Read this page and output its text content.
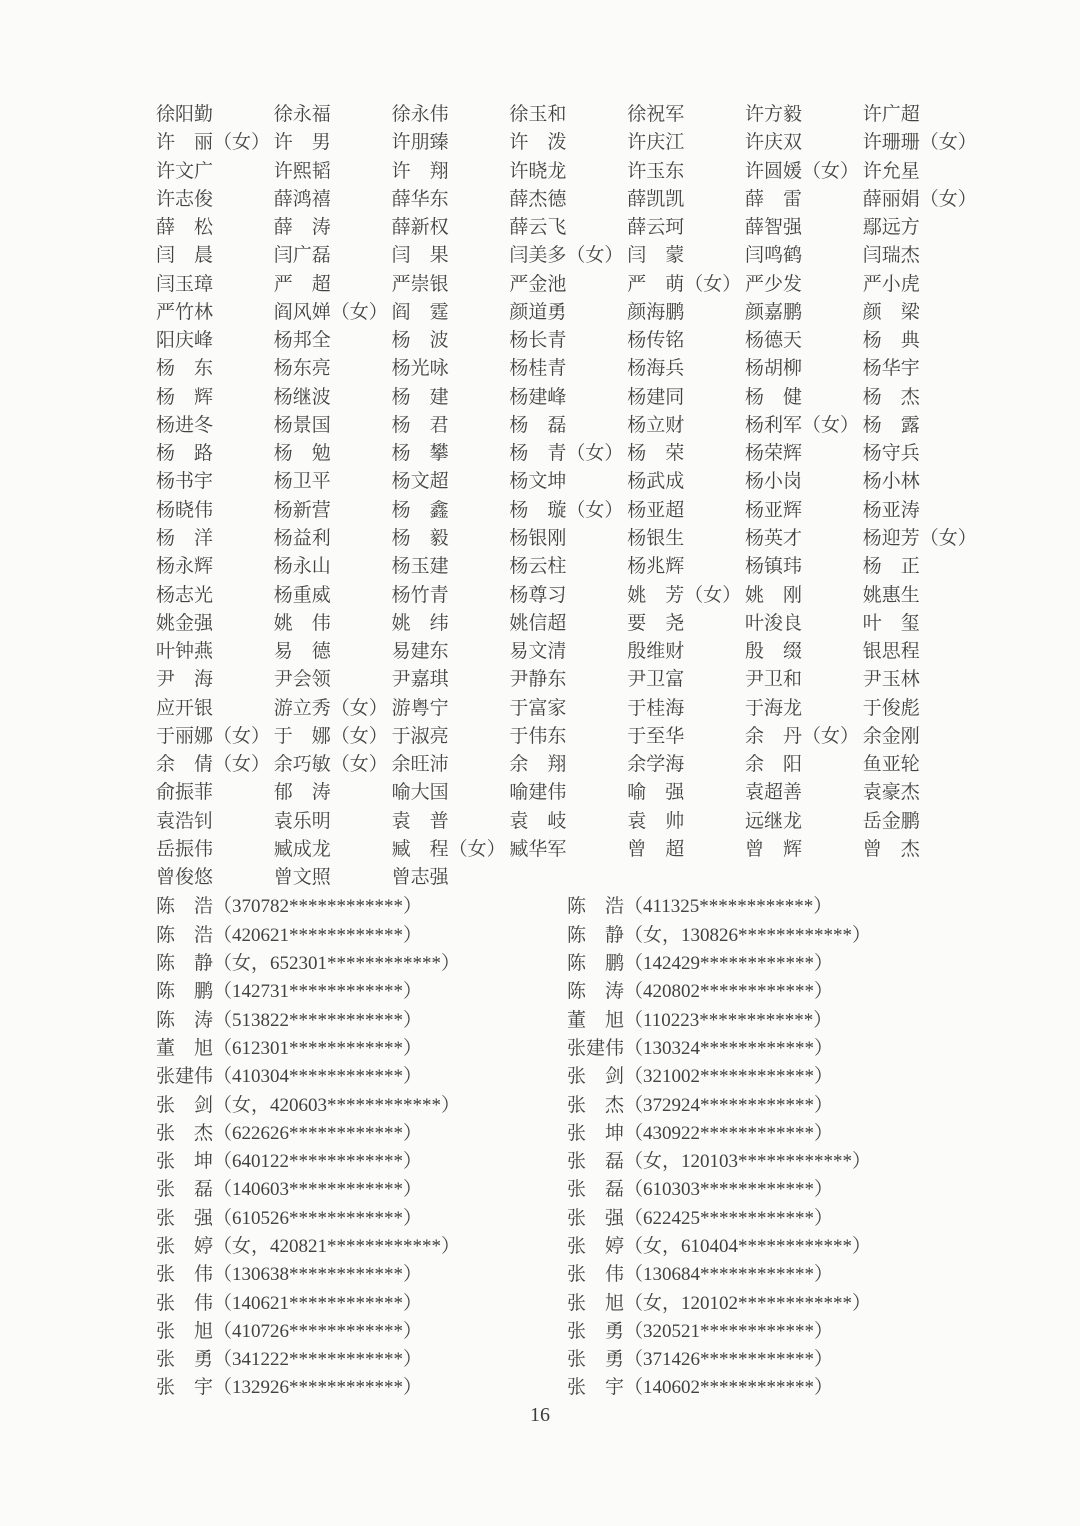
徐阳勤	徐永福	徐永伟	徐玉和	徐祝军	许方毅	许广超
许　丽（女） 许　男	许朋臻	许　泼	许庆江	许庆双	许珊珊（女）
许文广	许熙韬	许　翔	许晓龙	许玉东	许圆媛（女） 许允星
许志俊	薛鸿禧	薛华东	薛杰德	薛凯凯	薛　雷	薛丽娟（女）
薛　松	薛　涛	薛新权	薛云飞	薛云珂	薛智强	鄢远方
闫　晨	闫广磊	闫　果	闫美多（女） 闫　蒙	闫鸣鹤	闫瑞杰
闫玉璋	严　超	严崇银	严金池	严　萌（女） 严少发	严小虎
严竹林	阎风婵（女） 阎　霆	颜道勇	颜海鹏	颜嘉鹏	颜　梁
阳庆峰	杨邦全	杨　波	杨长青	杨传铭	杨德天	杨　典
杨　东	杨东亮	杨光咏	杨桂青	杨海兵	杨胡柳	杨华宇
杨　辉	杨继波	杨　建	杨建峰	杨建同	杨　健	杨　杰
杨进冬	杨景国	杨　君	杨　磊	杨立财	杨利军（女） 杨　露
杨　路	杨　勉	杨　攀	杨　青（女） 杨　荣	杨荣辉	杨守兵
杨书宇	杨卫平	杨文超	杨文坤	杨武成	杨小岗	杨小林
杨晓伟	杨新营	杨　鑫	杨　璇（女） 杨亚超	杨亚辉	杨亚涛
杨　洋	杨益利	杨　毅	杨银刚	杨银生	杨英才	杨迎芳（女）
杨永辉	杨永山	杨玉建	杨云柱	杨兆辉	杨镇玮	杨　正
杨志光	杨重威	杨竹青	杨尊习	姚　芳（女） 姚　刚	姚惠生
姚金强	姚　伟	姚　纬	姚信超	要　尧	叶浚良	叶　玺
叶钟燕	易　德	易建东	易文清	殷维财	殷　缀	银思程
尹　海	尹会领	尹嘉琪	尹静东	尹卫富	尹卫和	尹玉林
应开银	游立秀（女） 游粤宁	于富家	于桂海	于海龙	于俊彪
于丽娜（女） 于　娜（女） 于淑亮	于伟东	于至华	余　丹（女） 余金刚
余　倩（女） 余巧敏（女） 余旺沛	余　翔	余学海	余　阳	鱼亚轮
俞振菲	郁　涛	喻大国	喻建伟	喻　强	袁超善	袁豪杰
袁浩钊	袁乐明	袁　普	袁　岐	袁　帅	远继龙	岳金鹏
岳振伟	臧成龙	臧　程（女） 臧华军	曾　超	曾　辉	曾　杰
曾俊悠	曾文照	曾志强
陈　浩（370782************）
陈　浩（420621************）
陈　静（女，652301************）
陈　鹏（142731************）
陈　涛（513822************）
董　旭（612301************）
张建伟（410304************）
张　剑（女，420603************）
张　杰（622626************）
张　坤（640122************）
张　磊（140603************）
张　强（610526************）
张　婷（女，420821************）
张　伟（130638************）
张　伟（140621************）
张　旭（410726************）
张　勇（341222************）
张　宇（132926************）
陈　浩（411325************）
陈　静（女，130826************）
陈　鹏（142429************）
陈　涛（420802************）
董　旭（110223************）
张建伟（130324************）
张　剑（321002************）
张　杰（372924************）
张　坤（430922************）
张　磊（女，120103************）
张　磊（610303************）
张　强（622425************）
张　婷（女，610404************）
张　伟（130684************）
张　旭（女，120102************）
张　勇（320521************）
张　勇（371426************）
张　宇（140602************）
16
